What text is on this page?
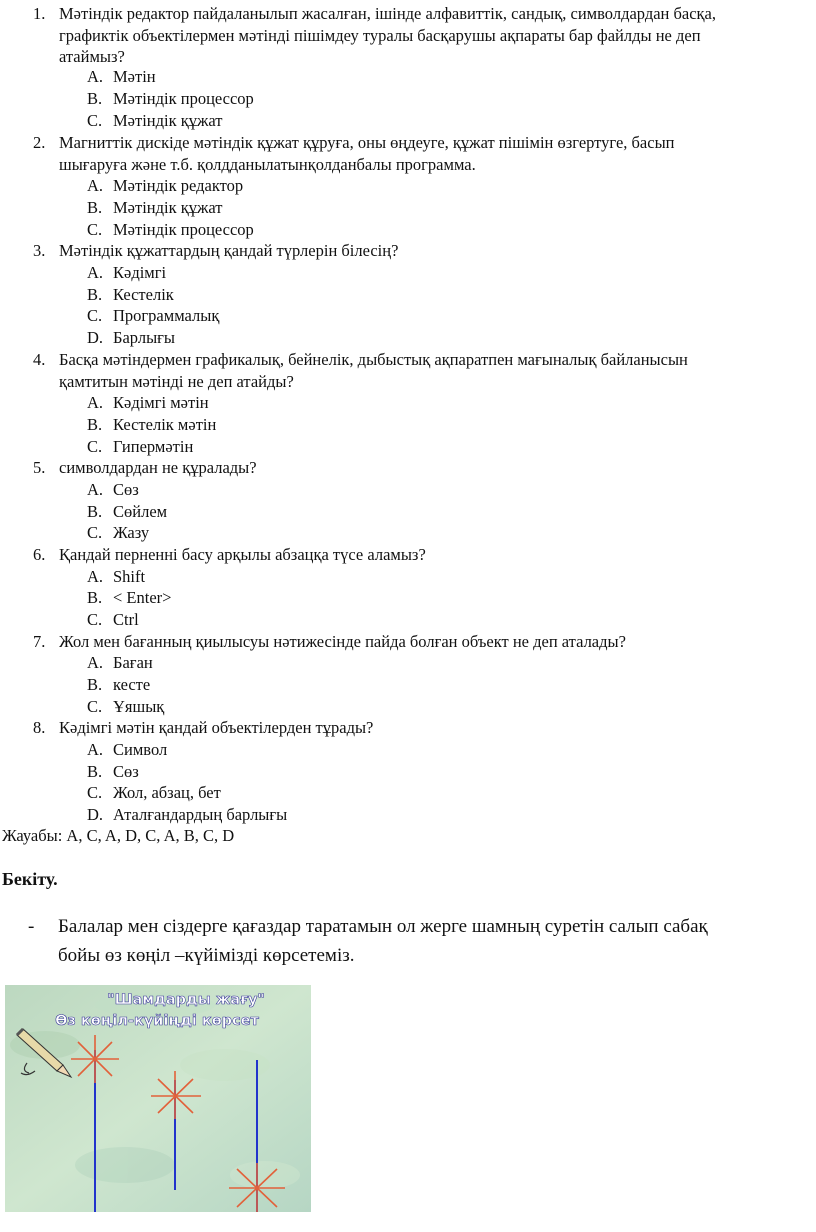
1. Мәтіндік редактор пайдаланылып жасалған, ішінде алфавиттік, сандық, символдардан басқа,
графиктік объектілермен мәтінді пішімдеу туралы басқарушы ақпараты бар файлды не деп
атаймыз?
A. Мәтін
B. Мәтіндік процессор
C. Мәтіндік құжат
2. Магниттік дискіде мәтіндік құжат құруға, оны өңдеуге, құжат пішімін өзгертуге, басып
шығаруға және т.б. қолдданылатынқолданбалы программа.
A. Мәтіндік редактор
B. Мәтіндік құжат
C. Мәтіндік процессор
3. Мәтіндік құжаттардың қандай түрлерін білесің?
A. Кәдімгі
B. Кестелік
C. Программалық
D. Барлығы
4. Басқа мәтіндермен графикалық, бейнелік, дыбыстық ақпаратпен мағыналық байланысын
қамтитын мәтінді не деп атайды?
A. Кәдімгі мәтін
B. Кестелік мәтін
C. Гипермәтін
5. символдардан не құралады?
A. Сөз
B. Сөйлем
C. Жазу
6. Қандай перненні басу арқылы абзацқа түсе аламыз?
A. Shift
B. < Enter>
C. Ctrl
7. Жол мен бағанның қиылысуы нәтижесінде пайда болған объект не деп аталады?
A. Баған
B. кесте
C. Ұяшық
8. Кәдімгі мәтін қандай объектілерден тұрады?
A. Символ
B. Сөз
C. Жол, абзац, бет
D. Аталғандардың барлығы
Жауабы: A, C, A, D, C, A, B, C, D
Бекіту.
- Балалар мен сіздерге қағаздар таратамын ол жерге шамның суретін салып сабақ
бойы өз көңіл –күйімізді көрсетеміз.
"Шамдарды жағу"
Өз көңіл-күйіңді көрсет
